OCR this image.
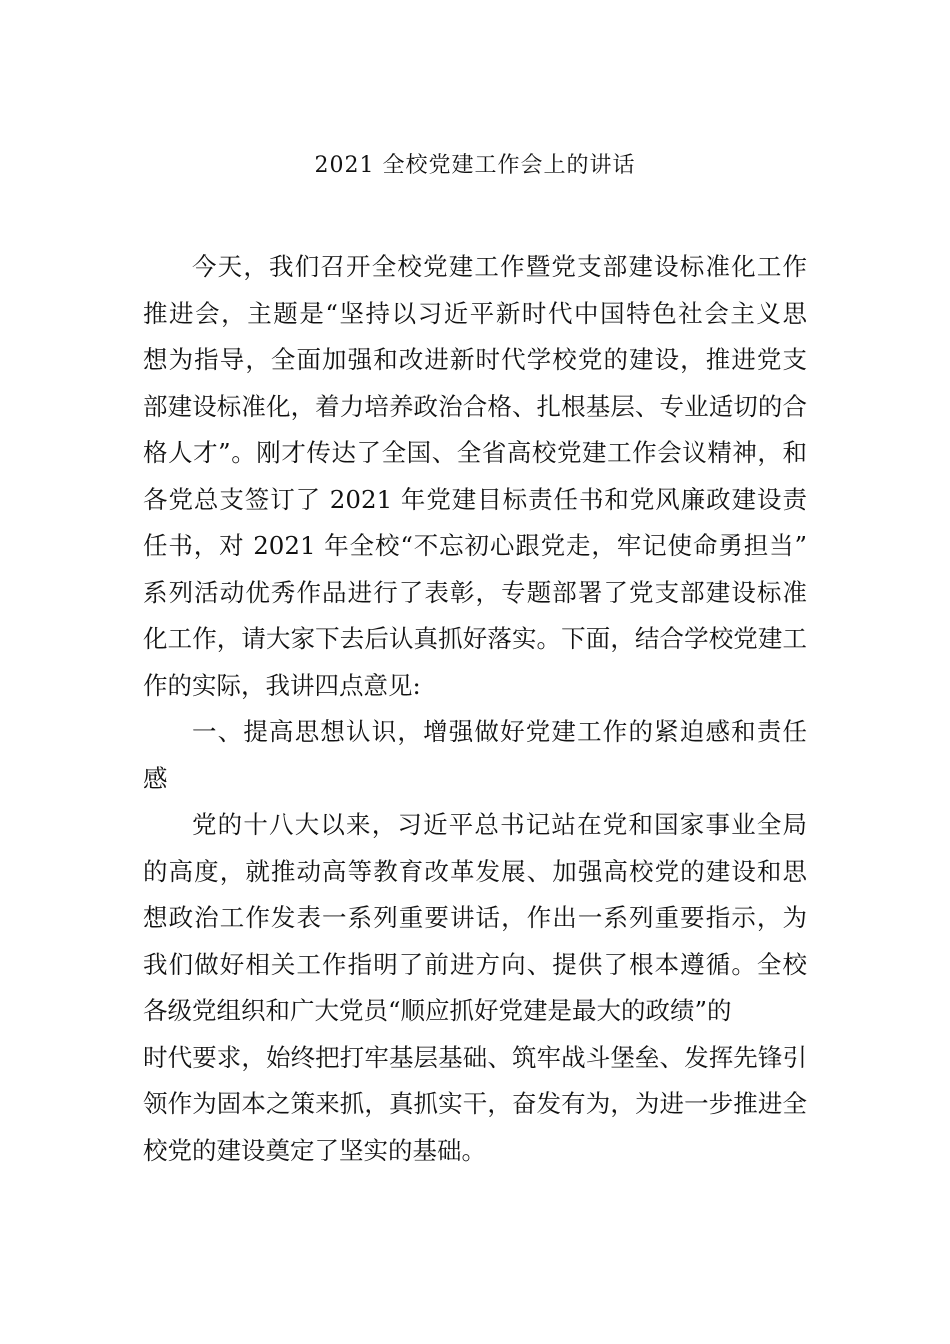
2021 全校党建工作会上的讲话
今天，我们召开全校党建工作暨党支部建设标准化工作
推进会，主题是“坚持以习近平新时代中国特色社会主义思
想为指导，全面加强和改进新时代学校党的建设，推进党支
部建设标准化，着力培养政治合格、扎根基层、专业适切的合
格人才”。刚才传达了全国、全省高校党建工作会议精神，和
各党总支签订了 2021 年党建目标责任书和党风廉政建设责
任书，对 2021 年全校“不忘初心跟党走，牢记使命勇担当”
系列活动优秀作品进行了表彰，专题部署了党支部建设标准
化工作，请大家下去后认真抓好落实。下面，结合学校党建工
作的实际，我讲四点意见:
一、提高思想认识，增强做好党建工作的紧迫感和责任
感
党的十八大以来，习近平总书记站在党和国家事业全局
的高度，就推动高等教育改革发展、加强高校党的建设和思
想政治工作发表一系列重要讲话，作出一系列重要指示，为
我们做好相关工作指明了前进方向、提供了根本遵循。全校
各级党组织和广大党员“顺应抓好党建是最大的政绩”的
时代要求，始终把打牢基层基础、筑牢战斗堡垒、发挥先锋引
领作为固本之策来抓，真抓实干，奋发有为，为进一步推进全
校党的建设奠定了坚实的基础。
